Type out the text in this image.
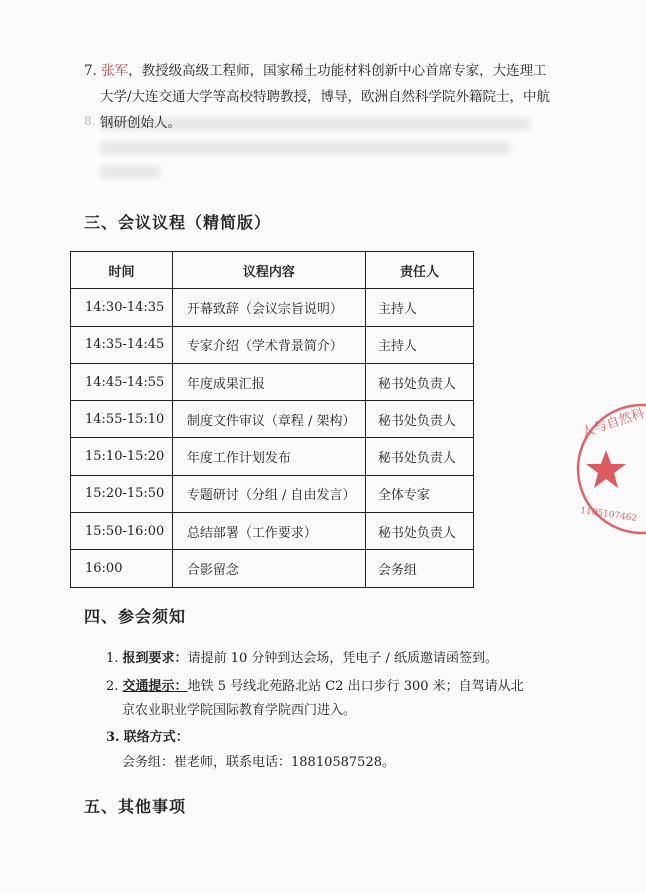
7. 张军，教授级高级工程师，国家稀土功能材料创新中心首席专家，大连理工
大学/大连交通大学等高校特聘教授，博导，欧洲自然科学院外籍院士，中航
钢研创始人。
8.
三、会议议程（精简版）
时间	议程内容	责任人
14:30-14:35	开幕致辞（会议宗旨说明）	主持人
14:35-14:45	专家介绍（学术背景简介）	主持人
14:45-14:55	年度成果汇报	秘书处负责人
14:55-15:10	制度文件审议（章程 / 架构）	秘书处负责人
15:10-15:20	年度工作计划发布	秘书处负责人
15:20-15:50	专题研讨（分组 / 自由发言）	全体专家
15:50-16:00	总结部署（工作要求）	秘书处负责人
16:00	合影留念	会务组
四、参会须知
1. 报到要求：请提前 10 分钟到达会场，凭电子 / 纸质邀请函签到。
2. 交通提示：地铁 5 号线北苑路北站 C2 出口步行 300 米；自驾请从北
京农业职业学院国际教育学院西门进入。
3. 联络方式：
会务组：崔老师，联系电话：18810587528。
五、其他事项
人与自然科
1105107462
